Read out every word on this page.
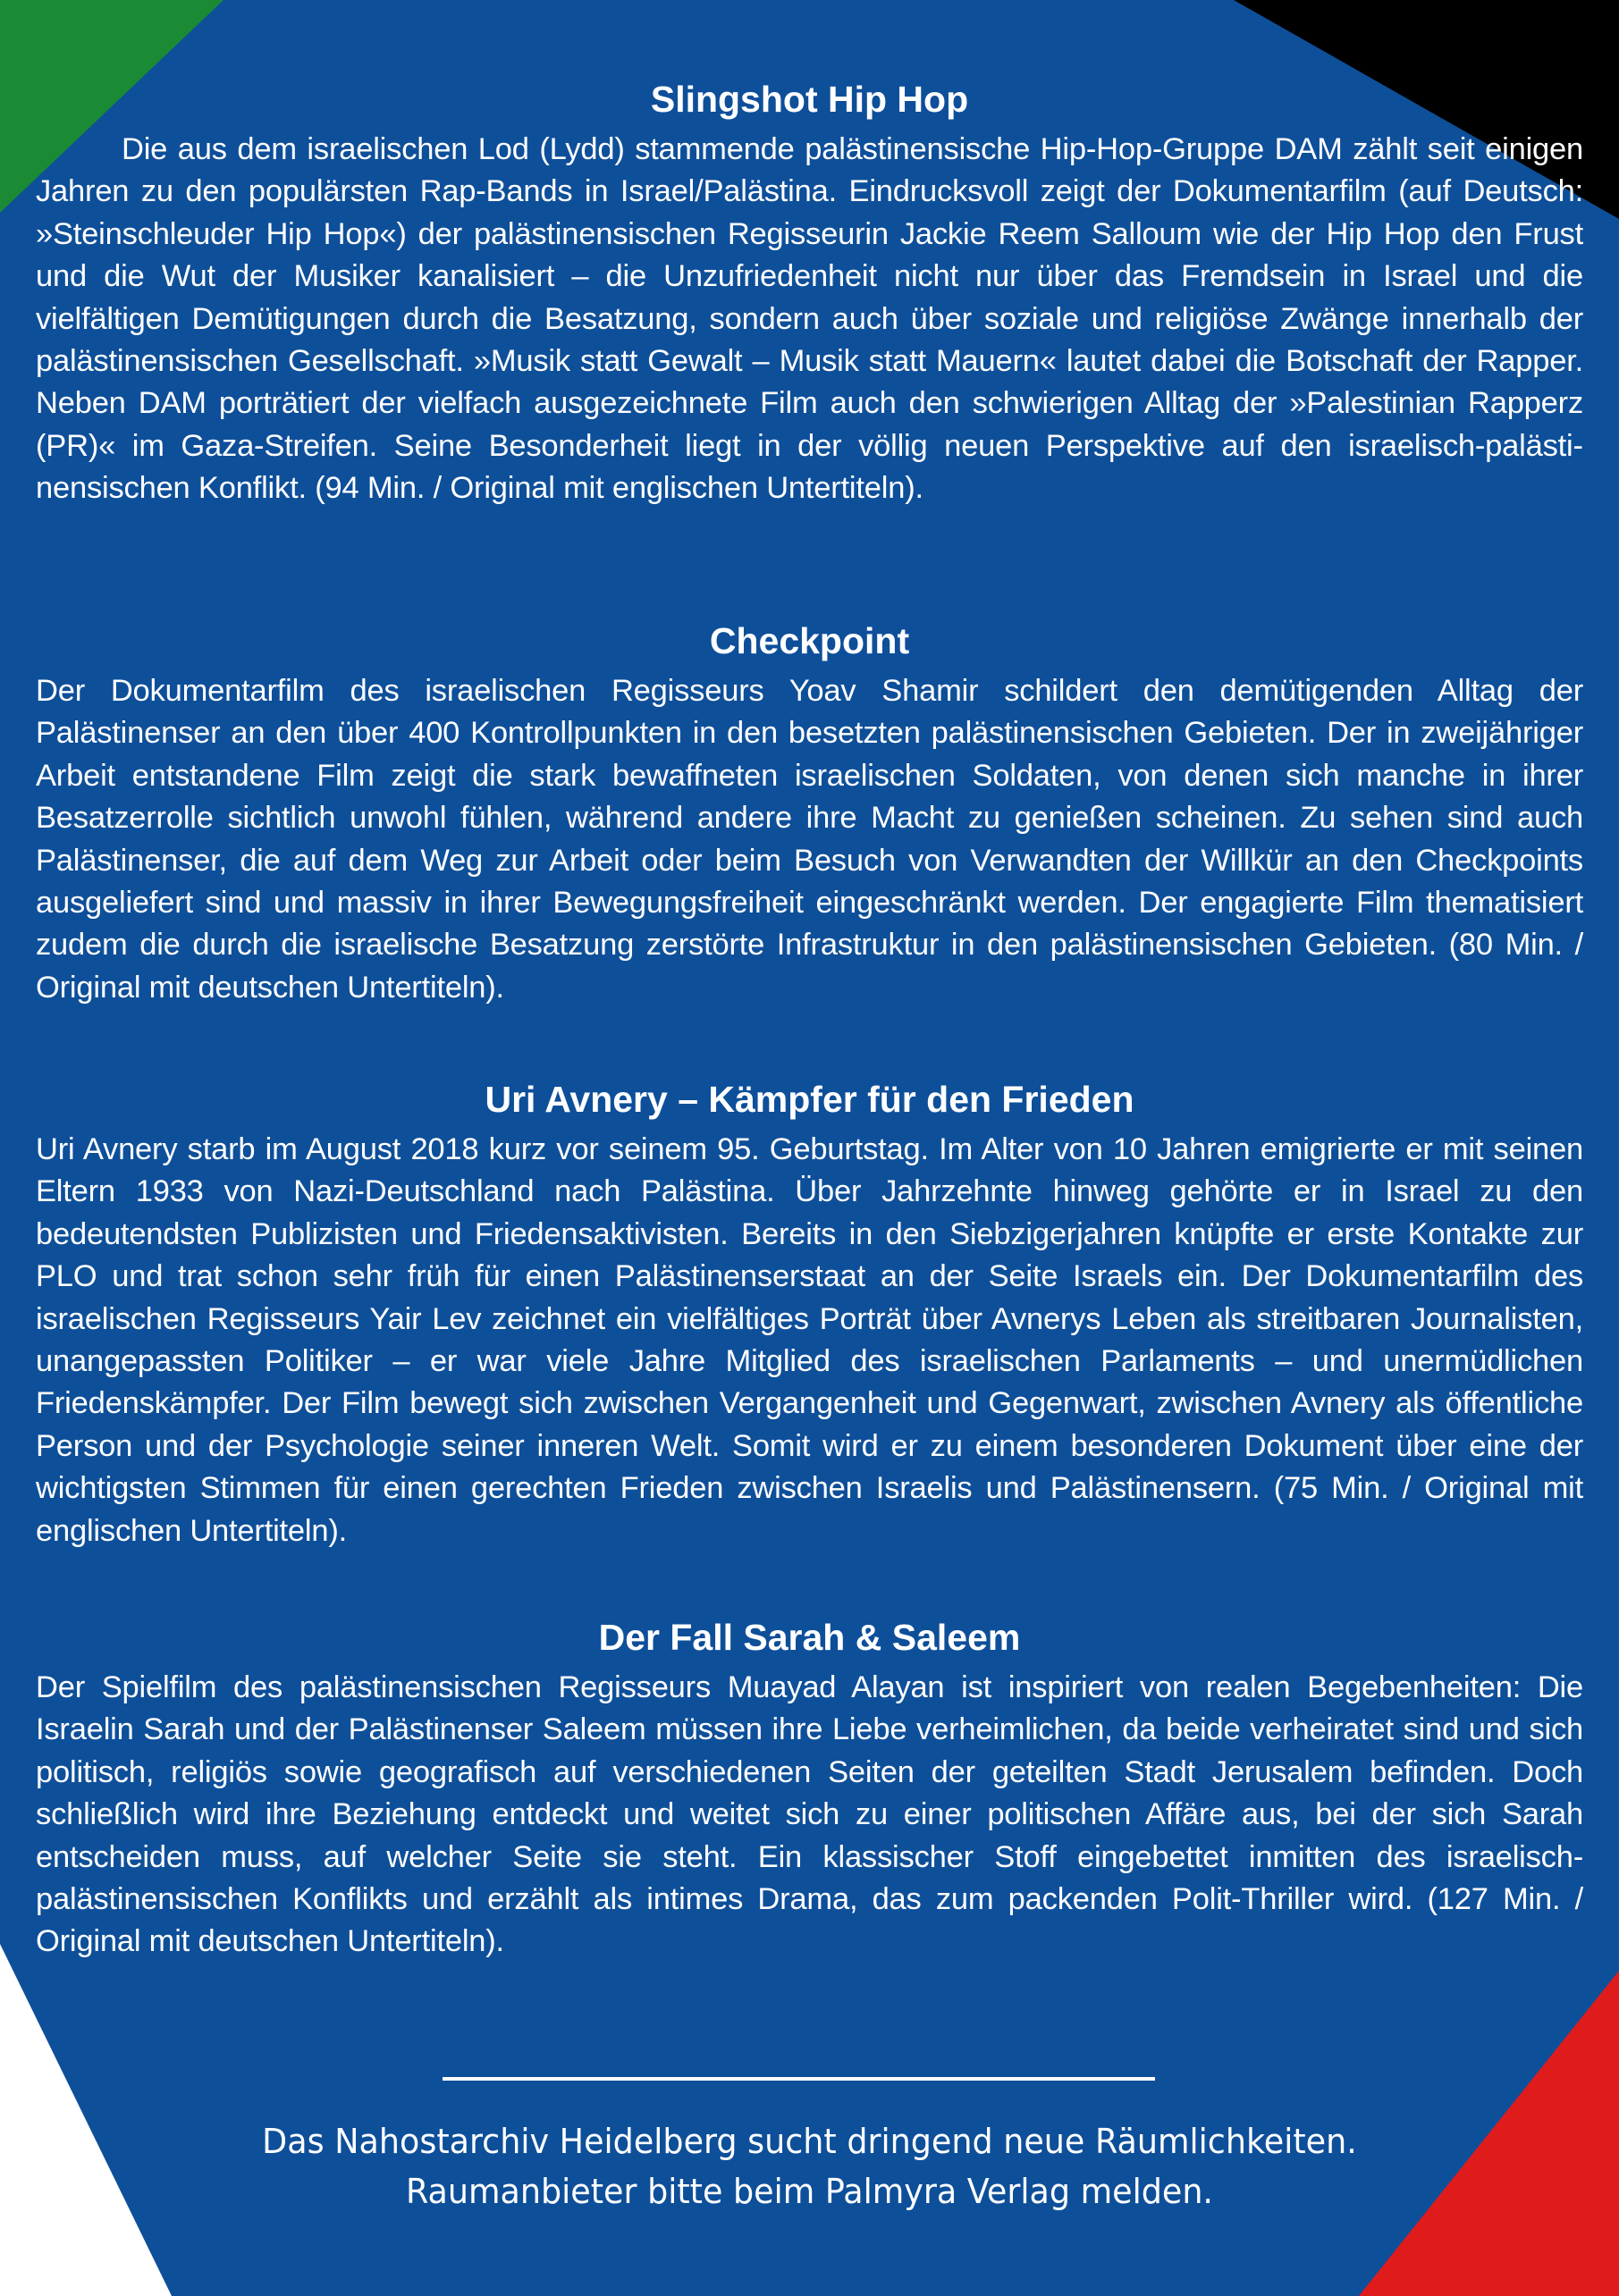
Slingshot Hip Hop

Die aus dem israelischen Lod (Lydd) stammende palästinensische Hip-Hop-Gruppe DAM zählt seit einigen Jahren zu den populärsten Rap-Bands in Israel/Palästina. Eindrucksvoll zeigt der Dokumentarfilm (auf Deutsch: »Steinschleuder Hip Hop«) der palästinensischen Regisseurin Jackie Reem Salloum wie der Hip Hop den Frust und die Wut der Musiker kanalisiert – die Unzufriedenheit nicht nur über das Fremdsein in Israel und die vielfältigen Demütigungen durch die Besatzung, sondern auch über soziale und religiöse Zwänge innerhalb der palästinensischen Gesellschaft. »Musik statt Gewalt – Musik statt Mauern« lautet dabei die Botschaft der Rapper. Neben DAM porträtiert der vielfach ausgezeichnete Film auch den schwierigen Alltag der »Palestinian Rapperz (PR)« im Gaza-Streifen. Seine Besonderheit liegt in der völlig neuen Perspektive auf den israelisch-palästinensischen Konflikt. (94 Min. / Original mit englischen Untertiteln).

Checkpoint

Der Dokumentarfilm des israelischen Regisseurs Yoav Shamir schildert den demütigenden Alltag der Palästinenser an den über 400 Kontrollpunkten in den besetzten palästinensischen Gebieten. Der in zweijähriger Arbeit entstandene Film zeigt die stark bewaffneten israelischen Soldaten, von denen sich manche in ihrer Besatzerrolle sichtlich unwohl fühlen, während andere ihre Macht zu genießen scheinen. Zu sehen sind auch Palästinenser, die auf dem Weg zur Arbeit oder beim Besuch von Verwandten der Willkür an den Checkpoints ausgeliefert sind und massiv in ihrer Bewegungsfreiheit eingeschränkt werden. Der engagierte Film thematisiert zudem die durch die israelische Besatzung zerstörte Infrastruktur in den palästinensischen Gebieten. (80 Min. / Original mit deutschen Untertiteln).

Uri Avnery – Kämpfer für den Frieden

Uri Avnery starb im August 2018 kurz vor seinem 95. Geburtstag. Im Alter von 10 Jahren emigrierte er mit seinen Eltern 1933 von Nazi-Deutschland nach Palästina. Über Jahrzehnte hinweg gehörte er in Israel zu den bedeutendsten Publizisten und Friedensaktivisten. Bereits in den Siebzigerjahren knüpfte er erste Kontakte zur PLO und trat schon sehr früh für einen Palästinenserstaat an der Seite Israels ein. Der Dokumentarfilm des israelischen Regisseurs Yair Lev zeichnet ein vielfältiges Porträt über Avnerys Leben als streitbaren Journalisten, unangepassten Politiker – er war viele Jahre Mitglied des israelischen Parlaments – und unermüdlichen Friedenskämpfer. Der Film bewegt sich zwischen Vergangenheit und Gegenwart, zwischen Avnery als öffentliche Person und der Psychologie seiner inneren Welt. Somit wird er zu einem besonderen Dokument über eine der wichtigsten Stimmen für einen gerechten Frieden zwischen Israelis und Palästinensern. (75 Min. / Original mit englischen Untertiteln).

Der Fall Sarah & Saleem

Der Spielfilm des palästinensischen Regisseurs Muayad Alayan ist inspiriert von realen Begebenheiten: Die Israelin Sarah und der Palästinenser Saleem müssen ihre Liebe verheimlichen, da beide verheiratet sind und sich politisch, religiös sowie geografisch auf verschiedenen Seiten der geteilten Stadt Jerusalem befinden. Doch schließlich wird ihre Beziehung entdeckt und weitet sich zu einer politischen Affäre aus, bei der sich Sarah entscheiden muss, auf welcher Seite sie steht. Ein klassischer Stoff eingebettet inmitten des israelisch-palästinensischen Konflikts und erzählt als intimes Drama, das zum packenden Polit-Thriller wird. (127 Min. / Original mit deutschen Untertiteln).

Das Nahostarchiv Heidelberg sucht dringend neue Räumlichkeiten.
Raumanbieter bitte beim Palmyra Verlag melden.
